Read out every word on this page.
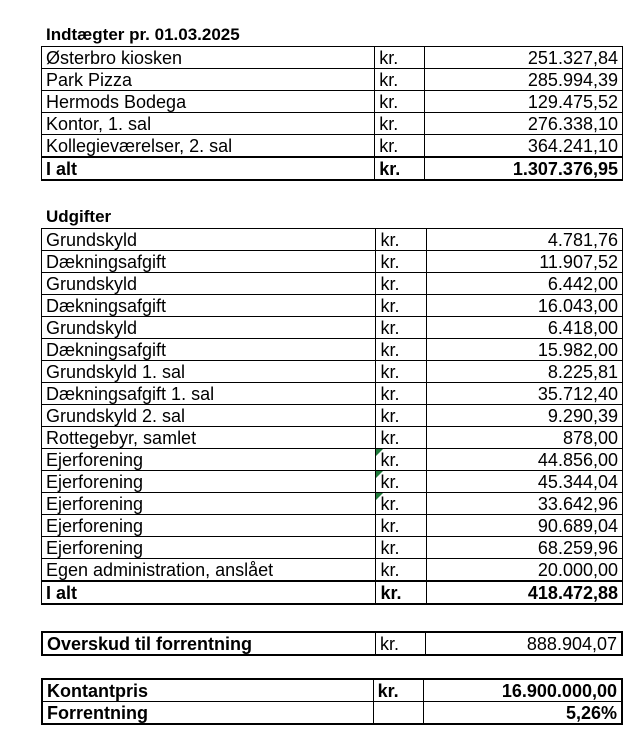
Indtægter pr. 01.03.2025
Østerbro kiosken	kr.	251.327,84
Park Pizza	kr.	285.994,39
Hermods Bodega	kr.	129.475,52
Kontor, 1. sal	kr.	276.338,10
Kollegieværelser, 2. sal	kr.	364.241,10
I alt	kr.	1.307.376,95
Udgifter
Grundskyld	kr.	4.781,76
Dækningsafgift	kr.	11.907,52
Grundskyld	kr.	6.442,00
Dækningsafgift	kr.	16.043,00
Grundskyld	kr.	6.418,00
Dækningsafgift	kr.	15.982,00
Grundskyld 1. sal	kr.	8.225,81
Dækningsafgift 1. sal	kr.	35.712,40
Grundskyld 2. sal	kr.	9.290,39
Rottegebyr, samlet	kr.	878,00
Ejerforening	kr.	44.856,00
Ejerforening	kr.	45.344,04
Ejerforening	kr.	33.642,96
Ejerforening	kr.	90.689,04
Ejerforening	kr.	68.259,96
Egen administration, anslået	kr.	20.000,00
I alt	kr.	418.472,88
Overskud til forrentning	kr.	888.904,07
Kontantpris	kr.	16.900.000,00
Forrentning		5,26%
